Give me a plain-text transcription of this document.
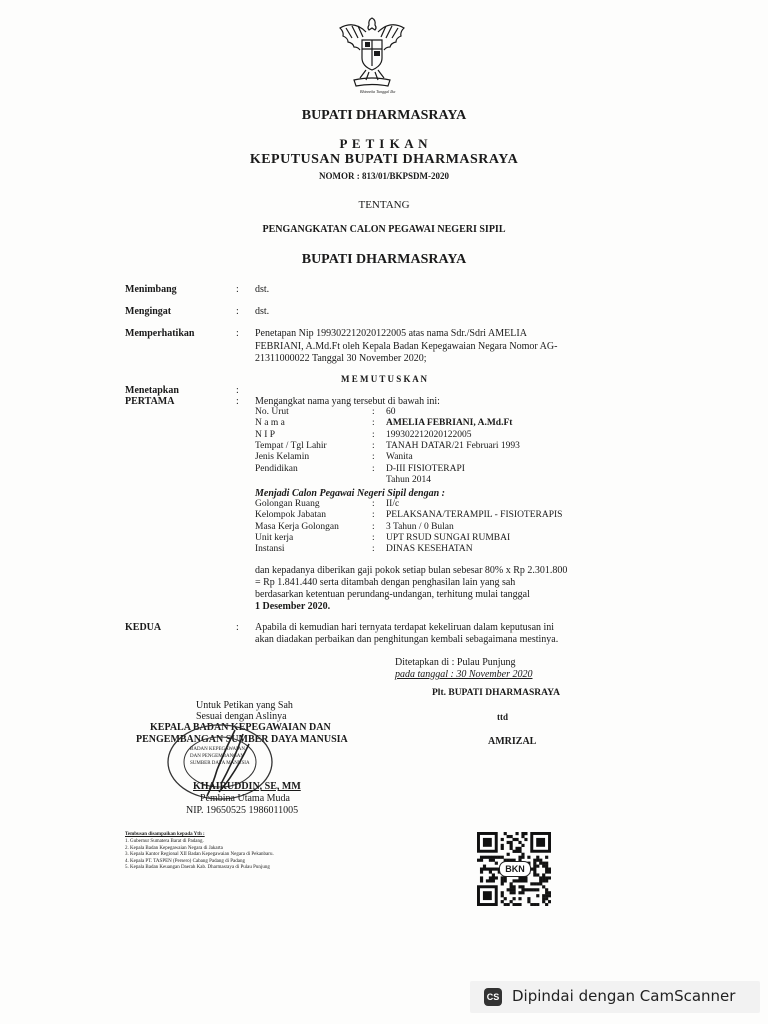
Bhinneka Tunggal Ika
BUPATI DHARMASRAYA
P E T I K A N
KEPUTUSAN BUPATI DHARMASRAYA
NOMOR : 813/01/BKPSDM-2020
TENTANG
PENGANGKATAN CALON PEGAWAI NEGERI SIPIL
BUPATI DHARMASRAYA
Menimbang	: dst.
Mengingat	: dst.
Memperhatikan	: Penetapan Nip 199302212020122005 atas nama Sdr./Sdri AMELIA
FEBRIANI, A.Md.Ft oleh Kepala Badan Kepegawaian Negara Nomor AG-
21311000022 Tanggal 30 November 2020;
M E M U T U S K A N
Menetapkan	:
PERTAMA	: Mengangkat nama yang tersebut di bawah ini:
No. Urut	: 60
N a m a	: AMELIA FEBRIANI, A.Md.Ft
N I P	: 199302212020122005
Tempat / Tgl Lahir	: TANAH DATAR/21 Februari 1993
Jenis Kelamin	: Wanita
Pendidikan	: D-III FISIOTERAPI
Tahun 2014
Menjadi Calon Pegawai Negeri Sipil dengan :
Golongan Ruang	: II/c
Kelompok Jabatan	: PELAKSANA/TERAMPIL - FISIOTERAPIS
Masa Kerja Golongan	: 3 Tahun / 0 Bulan
Unit kerja	: UPT RSUD SUNGAI RUMBAI
Instansi	: DINAS KESEHATAN
dan kepadanya diberikan gaji pokok setiap bulan sebesar 80% x Rp 2.301.800
= Rp 1.841.440 serta ditambah dengan penghasilan lain yang sah
berdasarkan ketentuan perundang-undangan, terhitung mulai tanggal
1 Desember 2020.
KEDUA	: Apabila di kemudian hari ternyata terdapat kekeliruan dalam keputusan ini
akan diadakan perbaikan dan penghitungan kembali sebagaimana mestinya.
Ditetapkan di : Pulau Punjung
pada tanggal : 30 November 2020
Plt. BUPATI DHARMASRAYA
ttd
AMRIZAL
Untuk Petikan yang Sah
Sesuai dengan Aslinya
KEPALA BADAN KEPEGAWAIAN DAN
PENGEMBANGAN SUMBER DAYA MANUSIA
BADAN KEPEGAWAIAN
DAN PENGEMBANGAN
SUMBER DAYA MANUSIA
KHAIRUDDIN, SE, MM
Pembina Utama Muda
NIP. 19650525 1986011005
Tembusan disampaikan kepada Yth :
1. Gubernur Sumatera Barat di Padang.
2. Kepala Badan Kepegawaian Negara di Jakarta
3. Kepala Kantor Regional XII Badan Kepegawaian Negara di Pekanbaru.
4. Kepala PT. TASPEN (Persero) Cabang Padang di Padang
5. Kepala Badan Keuangan Daerah Kab. Dharmasraya di Pulau Punjung	BKN
CS Dipindai dengan CamScanner
